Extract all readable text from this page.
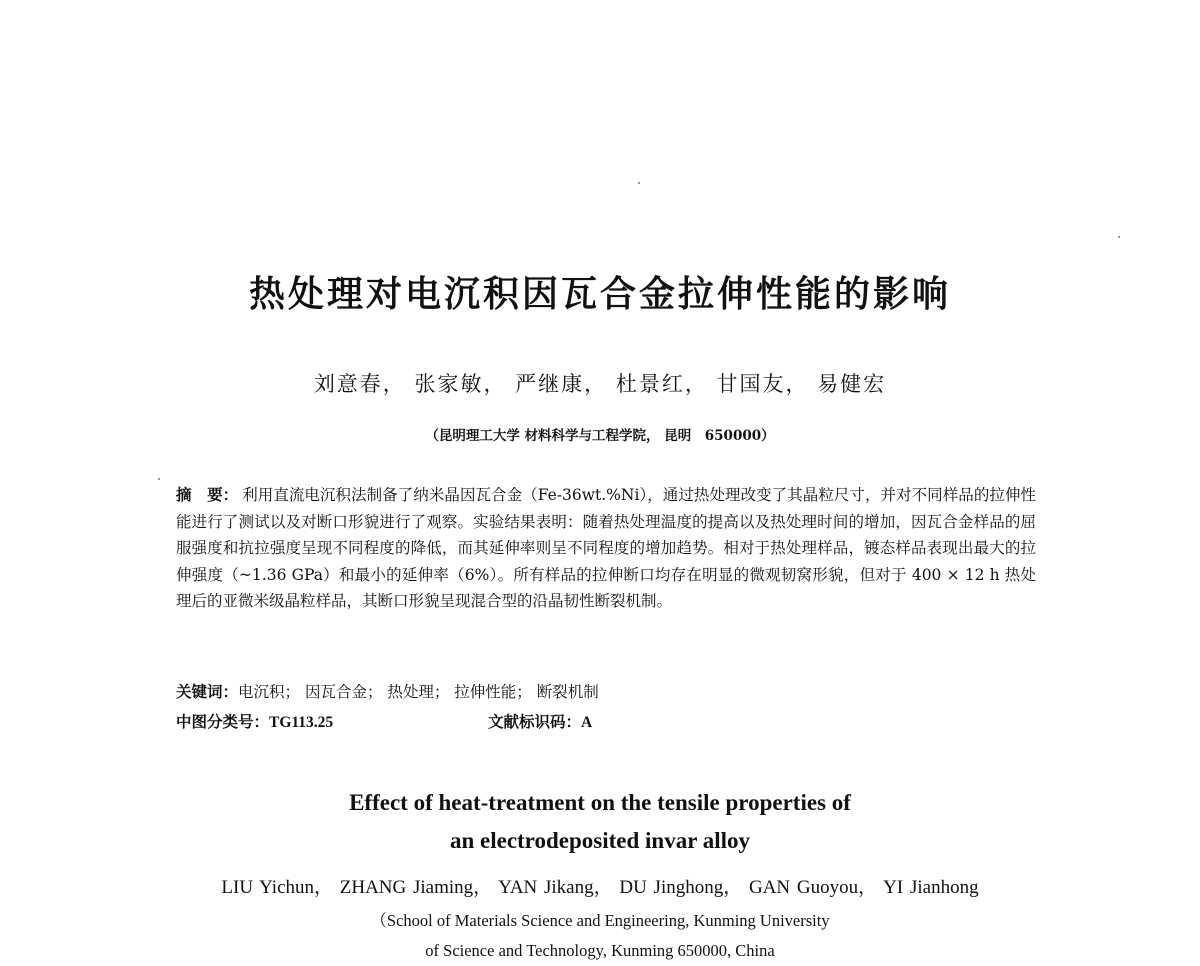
热处理对电沉积因瓦合金拉伸性能的影响
刘意春， 张家敏， 严继康， 杜景红， 甘国友， 易健宏
（昆明理工大学 材料科学与工程学院， 昆明　650000）
摘　要： 利用直流电沉积法制备了纳米晶因瓦合金（Fe-36wt.%Ni），通过热处理改变了其晶粒尺寸，并对不同样品的拉伸性能进行了测试以及对断口形貌进行了观察。实验结果表明：随着热处理温度的提高以及热处理时间的增加，因瓦合金样品的屈服强度和抗拉强度呈现不同程度的降低，而其延伸率则呈不同程度的增加趋势。相对于热处理样品，镀态样品表现出最大的拉伸强度（~1.36 GPa）和最小的延伸率（6%）。所有样品的拉伸断口均存在明显的微观韧窝形貌，但对于 400 × 12 h 热处理后的亚微米级晶粒样品，其断口形貌呈现混合型的沿晶韧性断裂机制。
关键词：电沉积； 因瓦合金； 热处理； 拉伸性能； 断裂机制
中图分类号：TG113.25	文献标识码：A
Effect of heat-treatment on the tensile properties of
an electrodeposited invar alloy
LIU Yichun， ZHANG Jiaming， YAN Jikang， DU Jinghong， GAN Guoyou， YI Jianhong
（School of Materials Science and Engineering, Kunming University
of Science and Technology, Kunming 650000, China
